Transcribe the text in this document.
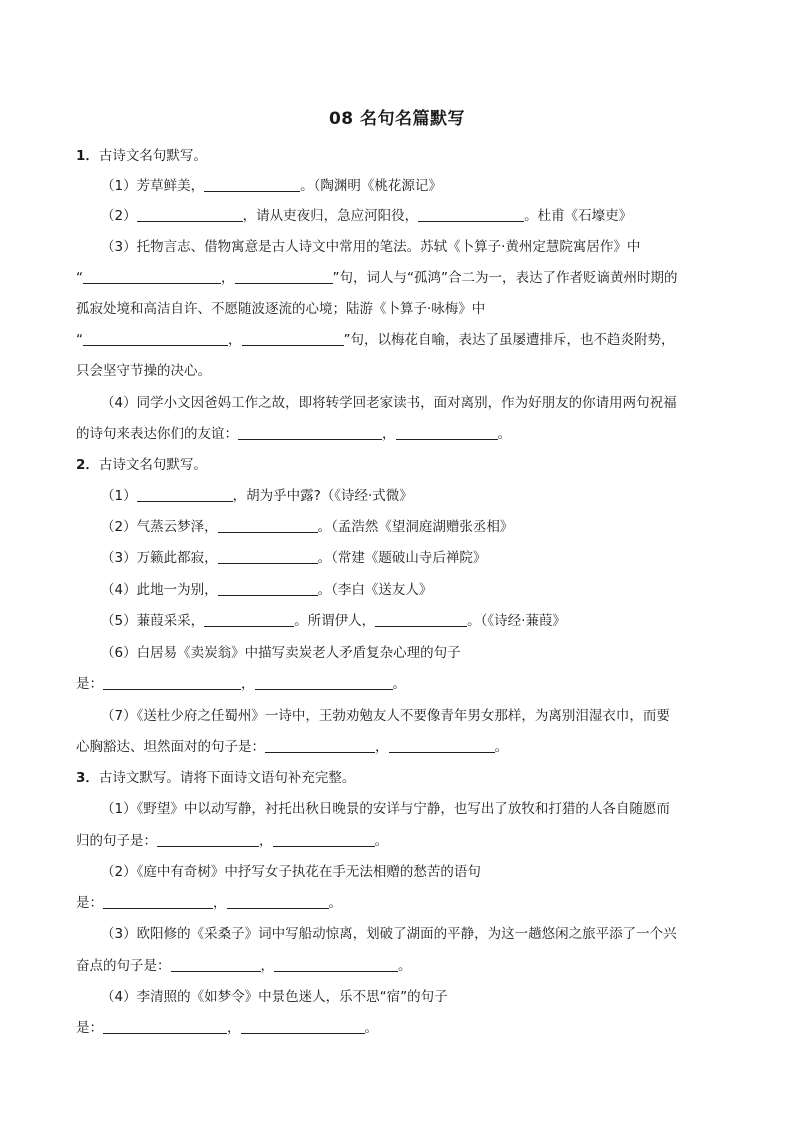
08 名句名篇默写
1．古诗文名句默写。
（1）芳草鲜美，	。（陶渊明《桃花源记》
（2）	，请从吏夜归，急应河阳役，	。杜甫《石壕吏》
（3）托物言志、借物寓意是古人诗文中常用的笔法。苏轼《卜算子·黄州定慧院寓居作》中
“	，	”句，词人与“孤鸿”合二为一，表达了作者贬谪黄州时期的
孤寂处境和高洁自许、不愿随波逐流的心境；陆游《卜算子·咏梅》中
“	，	”句，以梅花自喻，表达了虽屡遭排斥，也不趋炎附势，
只会坚守节操的决心。
（4）同学小文因爸妈工作之故，即将转学回老家读书，面对离别，作为好朋友的你请用两句祝福
的诗句来表达你们的友谊：	，	。
2．古诗文名句默写。
（1）	，胡为乎中露?（《诗经·式微》
（2）气蒸云梦泽，	。（孟浩然《望洞庭湖赠张丞相》
（3）万籁此都寂，	。（常建《题破山寺后禅院》
（4）此地一为别，	。（李白《送友人》
（5）蒹葭采采，	。所谓伊人，	。（《诗经·蒹葭》
（6）白居易《卖炭翁》中描写卖炭老人矛盾复杂心理的句子
是：	，	。
（7）《送杜少府之任蜀州》一诗中，王勃劝勉友人不要像青年男女那样，为离别泪湿衣巾，而要
心胸豁达、坦然面对的句子是：	，	。
3．古诗文默写。请将下面诗文语句补充完整。
（1）《野望》中以动写静，衬托出秋日晚景的安详与宁静，也写出了放牧和打猎的人各自随愿而
归的句子是：	，	。
（2）《庭中有奇树》中抒写女子执花在手无法相赠的愁苦的语句
是：	，	。
（3）欧阳修的《采桑子》词中写船动惊离，划破了湖面的平静，为这一趟悠闲之旅平添了一个兴
奋点的句子是：	，	。
（4）李清照的《如梦令》中景色迷人，乐不思“宿”的句子
是：	，	。
